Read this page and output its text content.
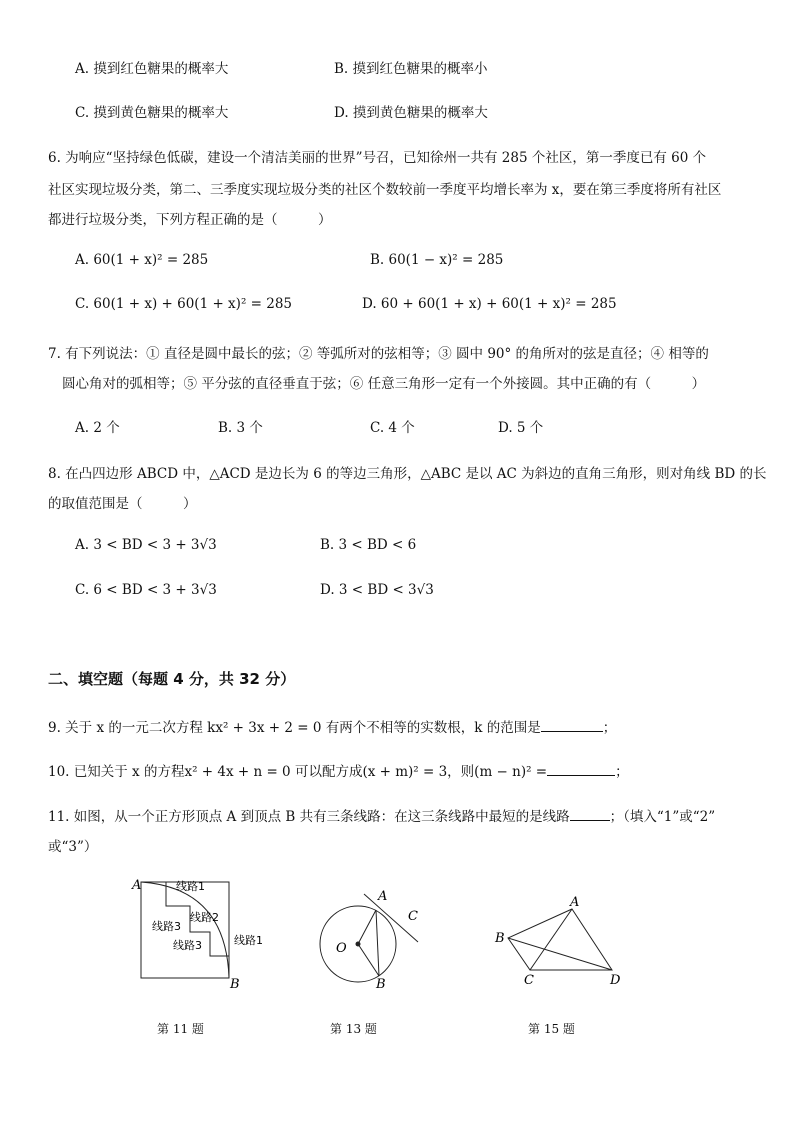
A. 摸到红色糖果的概率大	B. 摸到红色糖果的概率小
C. 摸到黄色糖果的概率大	D. 摸到黄色糖果的概率大
6. 为响应“坚持绿色低碳，建设一个清洁美丽的世界”号召，已知徐州一共有 285 个社区，第一季度已有 60 个
社区实现垃圾分类，第二、三季度实现垃圾分类的社区个数较前一季度平均增长率为 x，要在第三季度将所有社区
都进行垃圾分类，下列方程正确的是（　　　）
A. 60(1 + x)² = 285	B. 60(1 − x)² = 285
C. 60(1 + x) + 60(1 + x)² = 285	D. 60 + 60(1 + x) + 60(1 + x)² = 285
7. 有下列说法：① 直径是圆中最长的弦；② 等弧所对的弦相等；③ 圆中 90° 的角所对的弦是直径；④ 相等的
圆心角对的弧相等；⑤ 平分弦的直径垂直于弦；⑥ 任意三角形一定有一个外接圆。其中正确的有（　　　）
A. 2 个	B. 3 个	C. 4 个	D. 5 个
8. 在凸四边形 ABCD 中，△ACD 是边长为 6 的等边三角形，△ABC 是以 AC 为斜边的直角三角形，则对角线 BD 的长
的取值范围是（　　　）
A. 3 < BD < 3 + 3√3	B. 3 < BD < 6
C. 6 < BD < 3 + 3√3	D. 3 < BD < 3√3
二、填空题（每题 4 分，共 32 分）
9. 关于 x 的一元二次方程 kx² + 3x + 2 = 0 有两个不相等的实数根，k 的范围是	；
10. 已知关于 x 的方程x² + 4x + n = 0 可以配方成(x + m)² = 3，则(m − n)² =	；
11. 如图，从一个正方形顶点 A 到顶点 B 共有三条线路：在这三条线路中最短的是线路	；（填入“1”或“2”
或“3”）
A
B
线路1
线路2
线路3
线路3	线路1
第 11 题
A
B
C
O
第 13 题
A
B
C	D
第 15 题
